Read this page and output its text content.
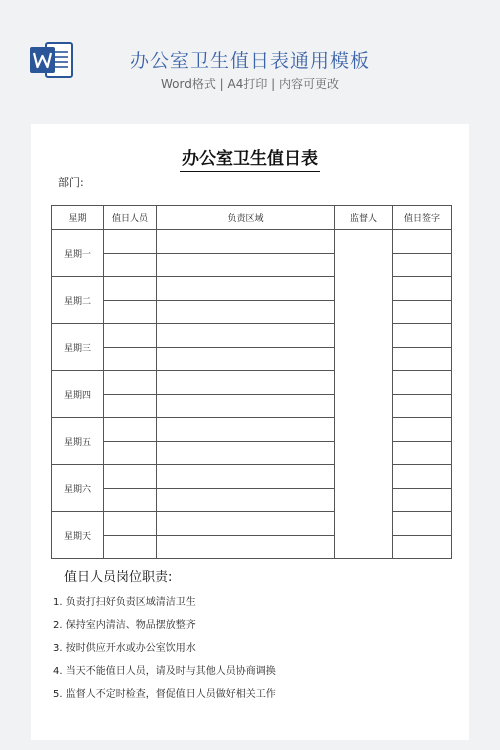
办公室卫生值日表通用模板
Word格式 | A4打印 | 内容可更改
办公室卫生值日表
部门:
星期	值日人员	负责区域	监督人	值日签字
星期一				

星期二				

星期三				

星期四				

星期五				

星期六				

星期天				

值日人员岗位职责:
1. 负责打扫好负责区域清洁卫生
2. 保持室内清洁、物品摆放整齐
3. 按时供应开水或办公室饮用水
4. 当天不能值日人员，请及时与其他人员协商调换
5. 监督人不定时检查，督促值日人员做好相关工作
